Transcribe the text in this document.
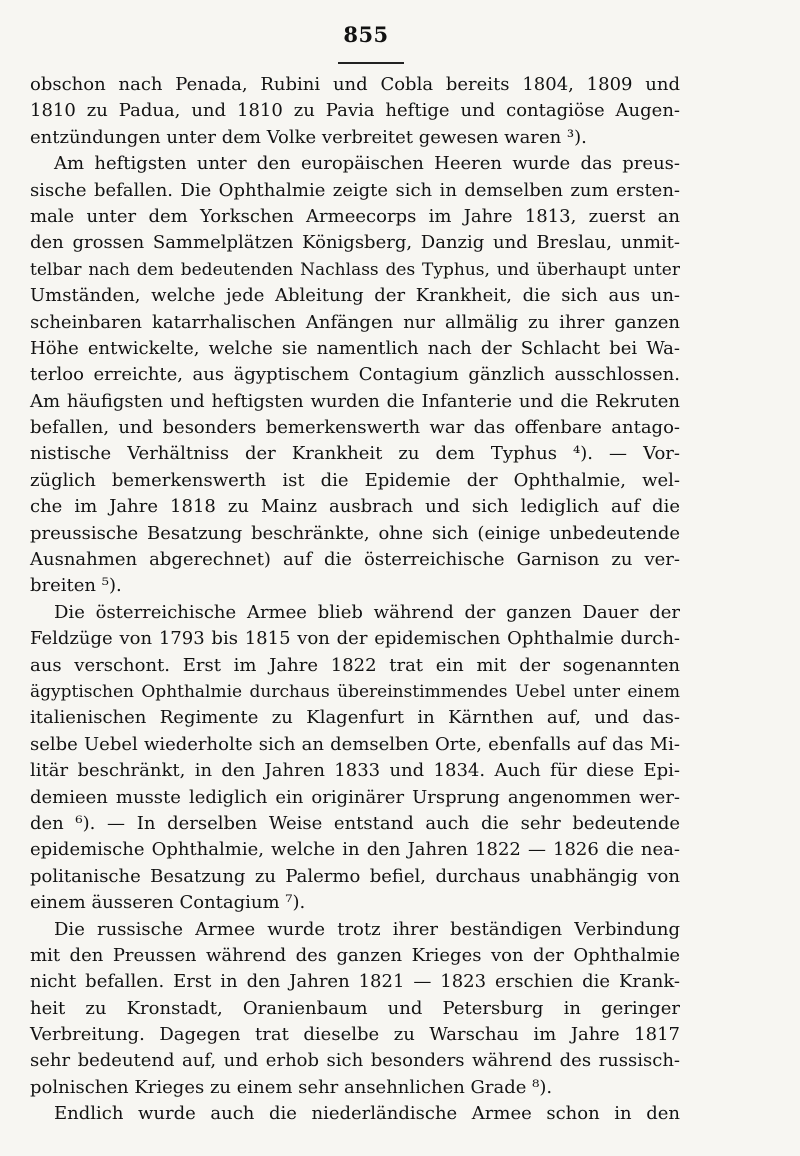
855
obschon nach Penada, Rubini und Cobla bereits 1804, 1809 und
1810 zu Padua, und 1810 zu Pavia heftige und contagiöse Augen-
entzündungen unter dem Volke verbreitet gewesen waren ³).
Am heftigsten unter den europäischen Heeren wurde das preus-
sische befallen. Die Ophthalmie zeigte sich in demselben zum ersten-
male unter dem Yorkschen Armeecorps im Jahre 1813, zuerst an
den grossen Sammelplätzen Königsberg, Danzig und Breslau, unmit-
telbar nach dem bedeutenden Nachlass des Typhus, und überhaupt unter
Umständen, welche jede Ableitung der Krankheit, die sich aus un-
scheinbaren katarrhalischen Anfängen nur allmälig zu ihrer ganzen
Höhe entwickelte, welche sie namentlich nach der Schlacht bei Wa-
terloo erreichte, aus ägyptischem Contagium gänzlich ausschlossen.
Am häufigsten und heftigsten wurden die Infanterie und die Rekruten
befallen, und besonders bemerkenswerth war das offenbare antago-
nistische Verhältniss der Krankheit zu dem Typhus ⁴). — Vor-
züglich bemerkenswerth ist die Epidemie der Ophthalmie, wel-
che im Jahre 1818 zu Mainz ausbrach und sich lediglich auf die
preussische Besatzung beschränkte, ohne sich (einige unbedeutende
Ausnahmen abgerechnet) auf die österreichische Garnison zu ver-
breiten ⁵).
Die österreichische Armee blieb während der ganzen Dauer der
Feldzüge von 1793 bis 1815 von der epidemischen Ophthalmie durch-
aus verschont. Erst im Jahre 1822 trat ein mit der sogenannten
ägyptischen Ophthalmie durchaus übereinstimmendes Uebel unter einem
italienischen Regimente zu Klagenfurt in Kärnthen auf, und das-
selbe Uebel wiederholte sich an demselben Orte, ebenfalls auf das Mi-
litär beschränkt, in den Jahren 1833 und 1834. Auch für diese Epi-
demieen musste lediglich ein originärer Ursprung angenommen wer-
den ⁶). — In derselben Weise entstand auch die sehr bedeutende
epidemische Ophthalmie, welche in den Jahren 1822 — 1826 die nea-
politanische Besatzung zu Palermo befiel, durchaus unabhängig von
einem äusseren Contagium ⁷).
Die russische Armee wurde trotz ihrer beständigen Verbindung
mit den Preussen während des ganzen Krieges von der Ophthalmie
nicht befallen. Erst in den Jahren 1821 — 1823 erschien die Krank-
heit zu Kronstadt, Oranienbaum und Petersburg in geringer
Verbreitung. Dagegen trat dieselbe zu Warschau im Jahre 1817
sehr bedeutend auf, und erhob sich besonders während des russisch-
polnischen Krieges zu einem sehr ansehnlichen Grade ⁸).
Endlich wurde auch die niederländische Armee schon in den
